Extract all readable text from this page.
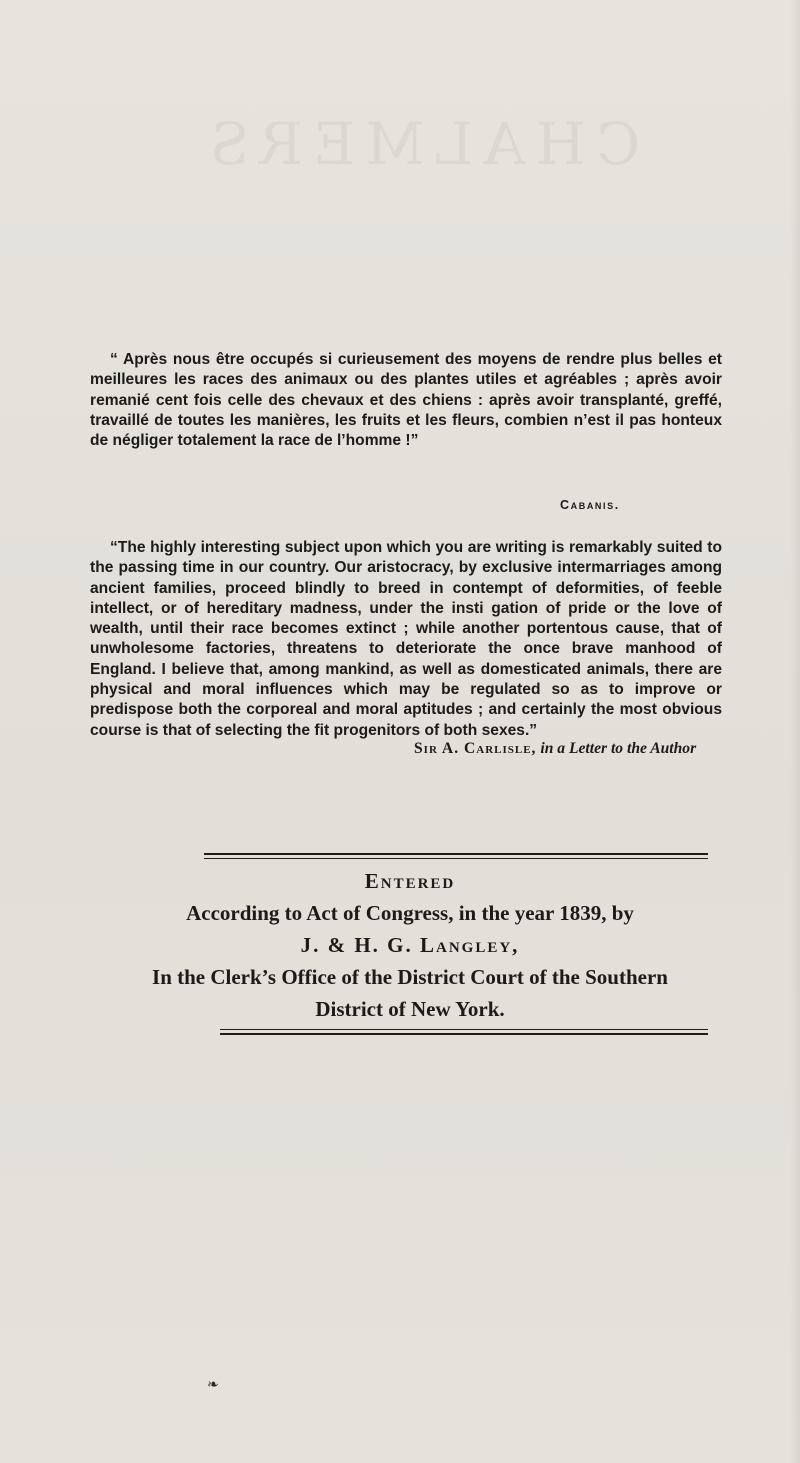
CHALMERS

“ Après nous être occupés si curieusement des moyens de rendre plus belles et meilleures les races des animaux ou des plantes utiles et agréables ; après avoir remanié cent fois celle des chevaux et des chiens : après avoir transplanté, greffé, travaillé de toutes les manières, les fruits et les fleurs, combien n’est il pas honteux de négliger totalement la race de l’homme !”

Cabanis.

“The highly interesting subject upon which you are writing is remarkably suited to the passing time in our country. Our aristocracy, by exclusive intermarriages among ancient families, proceed blindly to breed in contempt of deformities, of feeble intellect, or of hereditary madness, under the insti gation of pride or the love of wealth, until their race becomes extinct ; while another portentous cause, that of unwholesome factories, threatens to deteriorate the once brave manhood of England. I believe that, among mankind, as well as domesticated animals, there are physical and moral influences which may be regulated so as to improve or predispose both the corporeal and moral aptitudes ; and certainly the most obvious course is that of selecting the fit progenitors of both sexes.”

Sir A. Carlisle, in a Letter to the Author
Entered
According to Act of Congress, in the year 1839, by
J. & H. G. Langley,
In the Clerk’s Office of the District Court of the Southern
District of New York.
❧
